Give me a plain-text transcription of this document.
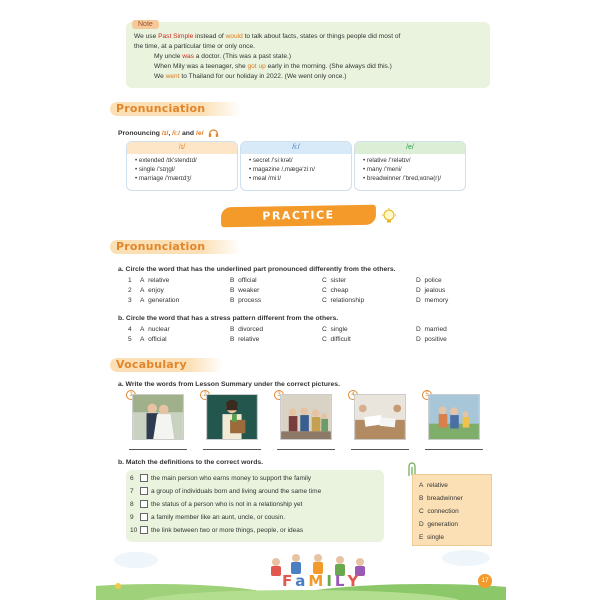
Note

We use Past Simple instead of would to talk about facts, states or things people did most of

the time, at a particular time or only once.

My uncle was a doctor. (This was a past state.)

When Mily was a teenager, she got up early in the morning. (She always did this.)

We went to Thailand for our holiday in 2022. (We went only once.)

Pronunciation
Pronouncing /ɪ/, /iː/ and /e/
/ɪ/
• extended /ɪk'stendɪd/
• single /'sɪŋɡl/
• marriage /'mærɪdʒ/
/iː/
• secret /'siːkrət/
• magazine /,mæɡə'ziːn/
• meal /miːl/
/e/
• relative /'relətɪv/
• many /'meni/
• breadwinner /'bred,wɪnə(r)/
PRACTICE
Pronunciation
a. Circle the word that has the underlined part pronounced differently from the others.
1 A relative	B official	C sister	D police
2 A enjoy	B weaker	C cheap	D jealous
3 A generation	B process	C relationship	D memory
b. Circle the word that has a stress pattern different from the others.
4 A nuclear	B divorced	C single	D married
5 A official	B relative	C difficult	D positive
Vocabulary
a. Write the words from Lesson Summary under the correct pictures.
1	2	3	4	5
b. Match the definitions to the correct words.
6	the main person who earns money to support the family
7	a group of individuals born and living around the same time
8	the status of a person who is not in a relationship yet
9	a family member like an aunt, uncle, or cousin.
10 the link between two or more things, people, or ideas
A relative
B breadwinner
C connection
D generation
E single
F a M I L Y	17
